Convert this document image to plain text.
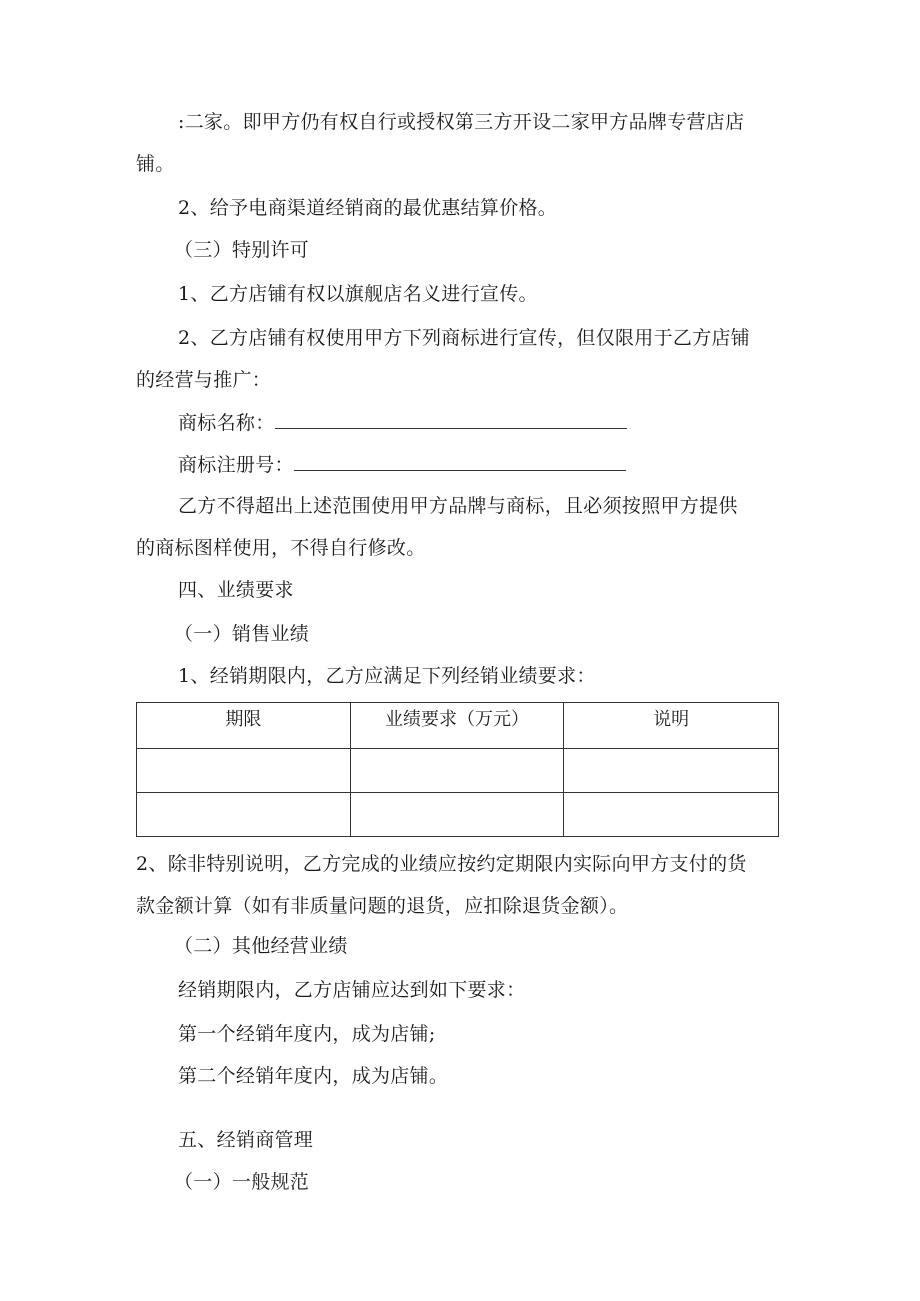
:二家。即甲方仍有权自行或授权第三方开设二家甲方品牌专营店店
铺。
2、给予电商渠道经销商的最优惠结算价格。
（三）特别许可
1、乙方店铺有权以旗舰店名义进行宣传。
2、乙方店铺有权使用甲方下列商标进行宣传，但仅限用于乙方店铺
的经营与推广：
商标名称：
商标注册号：
乙方不得超出上述范围使用甲方品牌与商标，且必须按照甲方提供
的商标图样使用，不得自行修改。
四、业绩要求
（一）销售业绩
1、经销期限内，乙方应满足下列经销业绩要求：
期限	业绩要求（万元）	说明

2、除非特别说明，乙方完成的业绩应按约定期限内实际向甲方支付的货
款金额计算（如有非质量问题的退货，应扣除退货金额）。
（二）其他经营业绩
经销期限内，乙方店铺应达到如下要求：
第一个经销年度内，成为店铺;
第二个经销年度内，成为店铺。
五、经销商管理
（一）一般规范
